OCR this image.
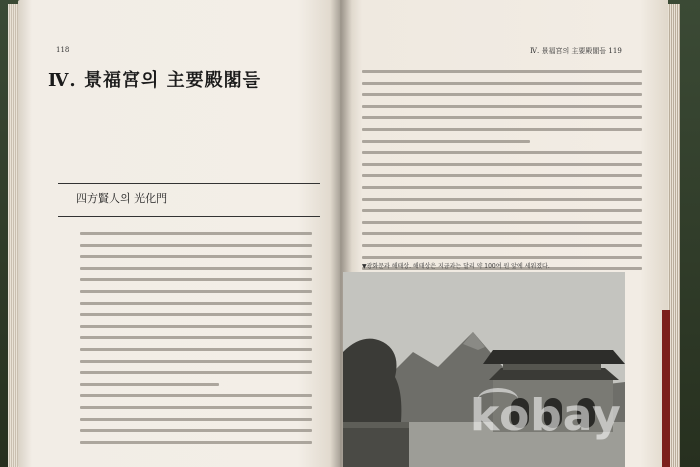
118
Ⅳ. 景福宮의 主要殿閣들
四方賢人의 光化門
Ⅳ. 景福宮의 主要殿閣들 119
▼광화문과 해태상. 해태상은 지금과는 달리 약 100여 원 앞에 세워졌다.
kobay
